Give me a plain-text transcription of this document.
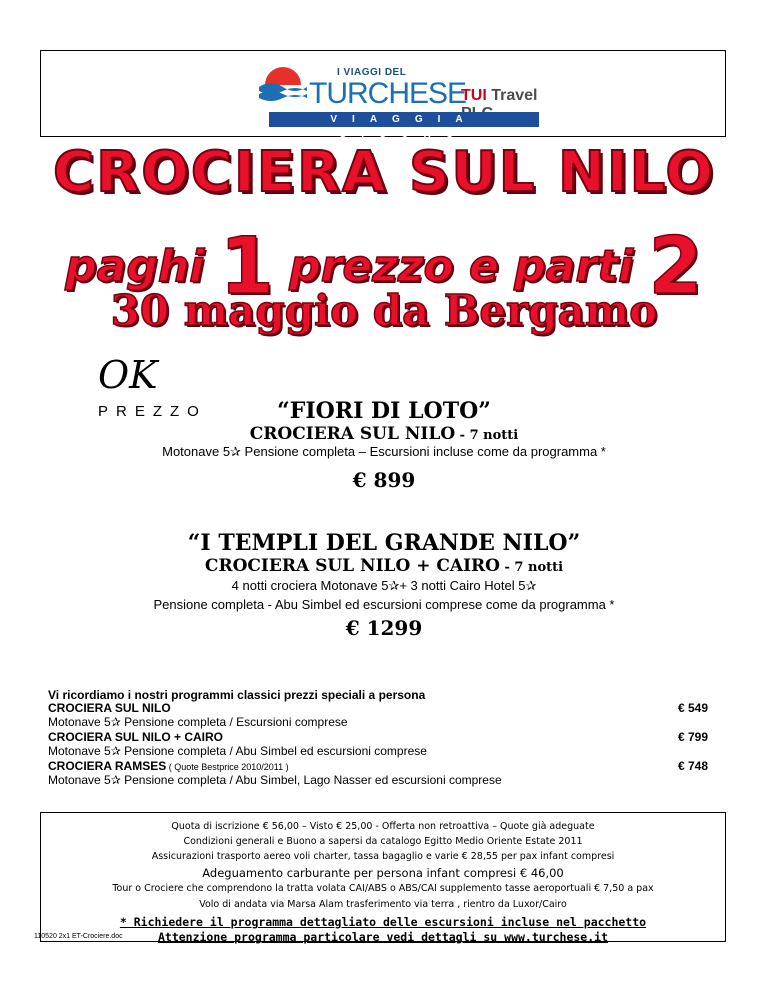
I VIAGGI DEL
TURCHESE
TUI Travel
VIAGGIA SICURO
CROCIERA SUL NILO
paghi 1 prezzo e parti 2
30 maggio da Bergamo
OK
PREZZO	“FIORI DI LOTO”
CROCIERA SUL NILO - 7 notti
Motonave 5✰ Pensione completa – Escursioni incluse come da programma *
€ 899
“I TEMPLI DEL GRANDE NILO”
CROCIERA SUL NILO + CAIRO - 7 notti
4 notti crociera Motonave 5✰+ 3 notti Cairo Hotel 5✰
Pensione completa - Abu Simbel ed escursioni comprese come da programma *
€ 1299
Vi ricordiamo i nostri programmi classici prezzi speciali a persona
CROCIERA SUL NILO
Motonave 5✰ Pensione completa / Escursioni comprese
€ 549
CROCIERA SUL NILO + CAIRO
Motonave 5✰ Pensione completa / Abu Simbel ed escursioni comprese
€ 799
CROCIERA RAMSES ( Quote Bestprice 2010/2011 )
Motonave 5✰ Pensione completa / Abu Simbel, Lago Nasser ed escursioni comprese
€ 748
Quota di iscrizione € 56,00 – Visto € 25,00 - Offerta non retroattiva – Quote già adeguate
Condizioni generali e Buono a sapersi da catalogo Egitto Medio Oriente Estate 2011
Assicurazioni trasporto aereo voli charter, tassa bagaglio e varie € 28,55 per pax infant compresi
Adeguamento carburante per persona infant compresi € 46,00
Tour o Crociere che comprendono la tratta volata CAI/ABS o ABS/CAI supplemento tasse aeroportuali € 7,50 a pax
Volo di andata via Marsa Alam trasferimento via terra , rientro da Luxor/Cairo
* Richiedere il programma dettagliato delle escursioni incluse nel pacchetto
Attenzione programma particolare vedi dettagli su www.turchese.it
110520 2x1 ET-Crociere.doc
